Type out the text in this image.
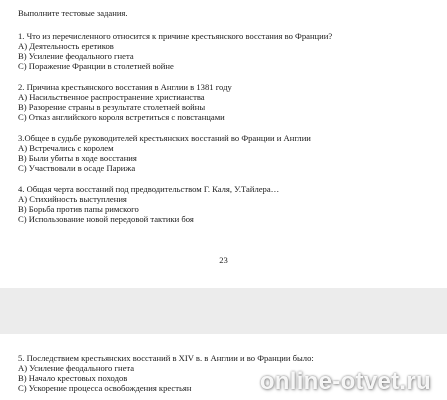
Выполните тестовые задания.

1. Что из перечисленного относится к причине крестьянского восстания во Франции?

А) Деятельность еретиков

В) Усиление феодального гнета

С) Поражение Франции в столетней войне

2. Причина крестьянского восстания в Англии в 1381 году

А) Насильственное распространение христианства

В) Разорение страны в результате столетней войны

С) Отказ английского короля встретиться с повстанцами

3.Общее в судьбе руководителей крестьянских восстаний во Франции и Англии

А) Встречались с королем

В) Были убиты в ходе восстания

С) Участвовали в осаде Парижа

4. Общая черта восстаний под предводительством Г. Каля, У.Тайлера…

А) Стихийность выступления

В) Борьба против папы римского

С) Использование новой передовой тактики боя

23

5. Последствием крестьянских восстаний в XIV в. в Англии и во Франции было:

А) Усиление феодального гнета

В) Начало крестовых походов

С) Ускорение процесса освобождения крестьян	online-otvet.ru
